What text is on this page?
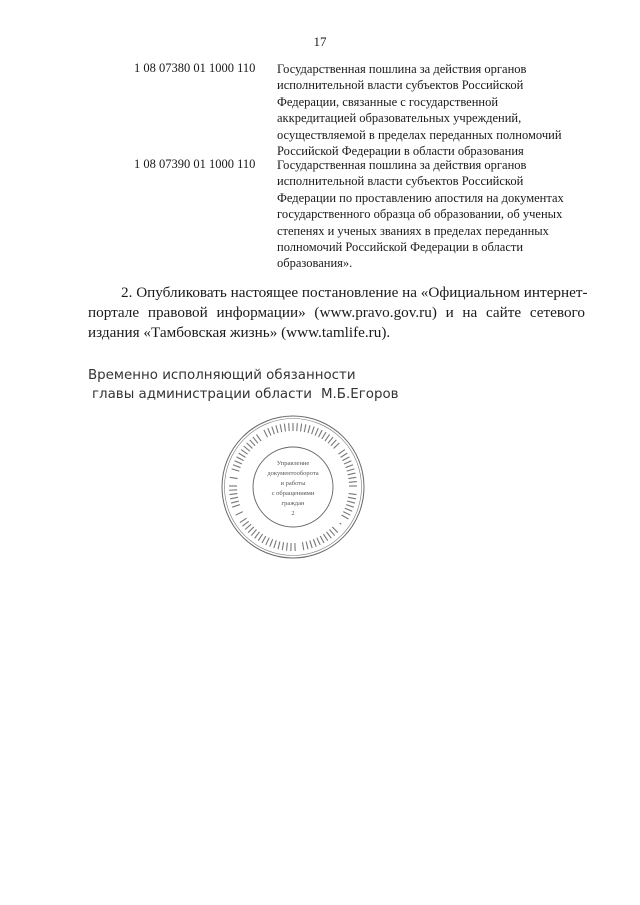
17
1 08 07380 01 1000 110 Государственная пошлина за действия органов
исполнительной власти субъектов Российской
Федерации, связанные с государственной
аккредитацией образовательных учреждений,
осуществляемой в пределах переданных полномочий
Российской Федерации в области образования
1 08 07390 01 1000 110 Государственная пошлина за действия органов
исполнительной власти субъектов Российской
Федерации по проставлению апостиля на документах
государственного образца об образовании, об ученых
степенях и ученых званиях в пределах переданных
полномочий Российской Федерации в области
образования».
2. Опубликовать настоящее постановление на «Официальном интернет-
портале правовой информации» (www.pravo.gov.ru) и на сайте сетевого
издания «Тамбовская жизнь» (www.tamlife.ru).
Временно исполняющий обязанности
главы администрации области М.Б.Егоров
Управление
документооборота
и работы
с обращениями
граждан
2
